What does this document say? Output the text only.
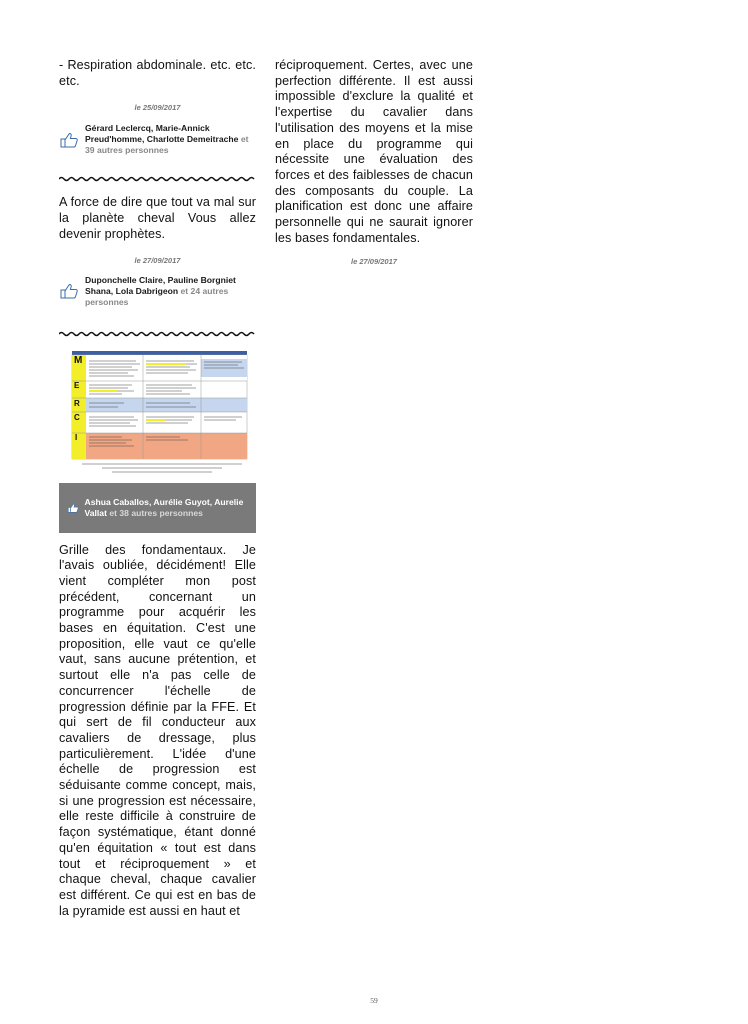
- Respiration abdominale. etc. etc. etc.

le 25/09/2017

Gérard Leclercq, Marie-Annick Preud'homme, Charlotte Demeitrache et 39 autres personnes

A force de dire que tout va mal sur la planète cheval Vous allez devenir prophètes.

le 27/09/2017

Duponchelle Claire, Pauline Borgniet Shana, Lola Dabrigeon et 24 autres personnes
M
E
R
C
I
Ashua Caballos, Aurélie Guyot, Aurelie Vallat et 38 autres personnes

Grille des fondamentaux. Je l'avais oubliée, décidément! Elle vient compléter mon post précédent, concernant un programme pour acquérir les bases en équitation. C'est une proposition, elle vaut ce qu'elle vaut, sans aucune prétention, et surtout elle n'a pas celle de concurrencer l'échelle de progression définie par la FFE. Et qui sert de fil conducteur aux cavaliers de dressage, plus particulièrement. L'idée d'une échelle de progression est séduisante comme concept, mais, si une progression est nécessaire, elle reste difficile à construire de façon systématique, étant donné qu'en équitation « tout est dans tout et réciproquement » et chaque cheval, chaque cavalier est différent. Ce qui est en bas de la pyramide est aussi en haut et

réciproquement. Certes, avec une perfection différente. Il est aussi impossible d'exclure la qualité et l'expertise du cavalier dans l'utilisation des moyens et la mise en place du programme qui nécessite une évaluation des forces et des faiblesses de chacun des composants du couple. La planification est donc une affaire personnelle qui ne saurait ignorer les bases fondamentales.

le 27/09/2017

59
